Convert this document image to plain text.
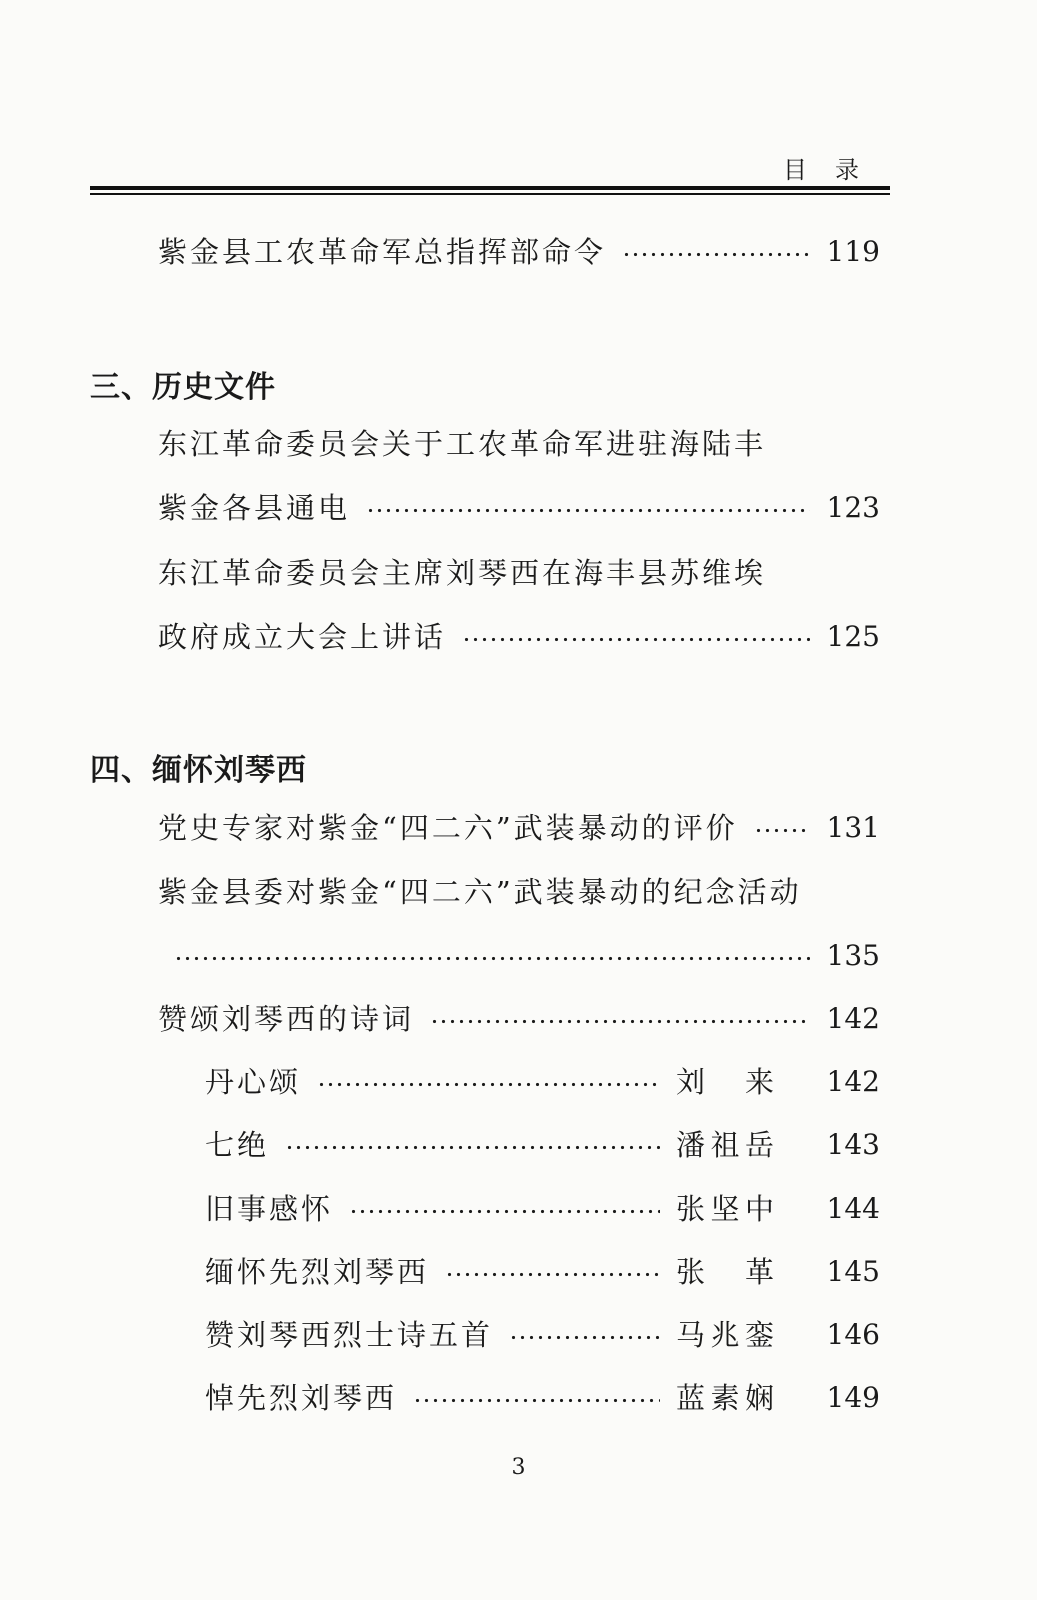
目录
紫金县工农革命军总指挥部命令	119
三、历史文件
东江革命委员会关于工农革命军进驻海陆丰
紫金各县通电	123
东江革命委员会主席刘琴西在海丰县苏维埃
政府成立大会上讲话	125
四、缅怀刘琴西
党史专家对紫金“四二六”武装暴动的评价	131
紫金县委对紫金“四二六”武装暴动的纪念活动
135
赞颂刘琴西的诗词	142
丹心颂	刘 来 142
七绝	潘祖岳 143
旧事感怀	张坚中 144
缅怀先烈刘琴西	张 革 145
赞刘琴西烈士诗五首	马兆銮 146
悼先烈刘琴西	蓝素娴 149
3
